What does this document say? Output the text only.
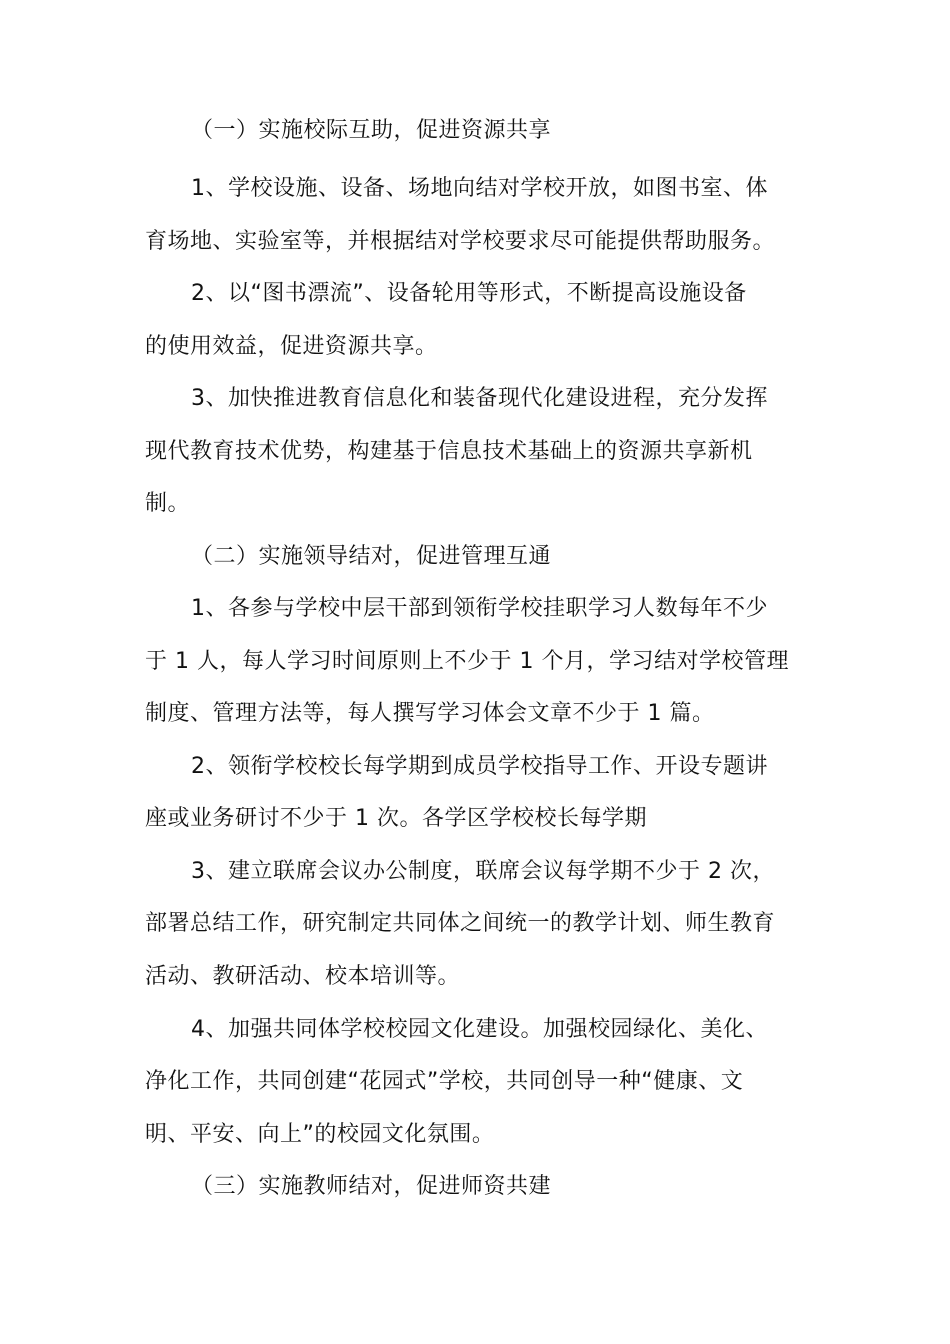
（一）实施校际互助，促进资源共享
1、学校设施、设备、场地向结对学校开放，如图书室、体
育场地、实验室等，并根据结对学校要求尽可能提供帮助服务。
2、以“图书漂流”、设备轮用等形式，不断提高设施设备
的使用效益，促进资源共享。
3、加快推进教育信息化和装备现代化建设进程，充分发挥
现代教育技术优势，构建基于信息技术基础上的资源共享新机
制。
（二）实施领导结对，促进管理互通
1、各参与学校中层干部到领衔学校挂职学习人数每年不少
于 1 人，每人学习时间原则上不少于 1 个月，学习结对学校管理
制度、管理方法等，每人撰写学习体会文章不少于 1 篇。
2、领衔学校校长每学期到成员学校指导工作、开设专题讲
座或业务研讨不少于 1 次。各学区学校校长每学期
3、建立联席会议办公制度，联席会议每学期不少于 2 次，
部署总结工作，研究制定共同体之间统一的教学计划、师生教育
活动、教研活动、校本培训等。
4、加强共同体学校校园文化建设。加强校园绿化、美化、
净化工作，共同创建“花园式”学校，共同创导一种“健康、文
明、平安、向上”的校园文化氛围。
（三）实施教师结对，促进师资共建
